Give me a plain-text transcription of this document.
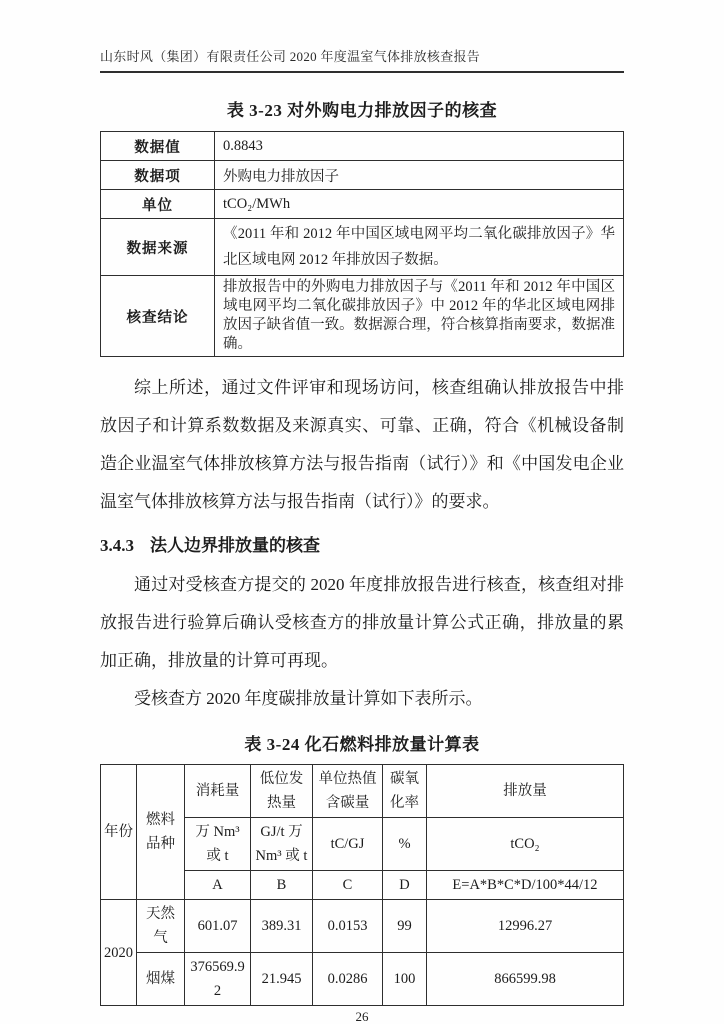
山东时风（集团）有限责任公司 2020 年度温室气体排放核查报告
表 3-23 对外购电力排放因子的核查
数据值	0.8843
数据项	外购电力排放因子
单位	tCO₂/MWh
数据来源	《2011 年和 2012 年中国区域电网平均二氧化碳排放因子》华北区域电网 2012 年排放因子数据。
核查结论	排放报告中的外购电力排放因子与《2011 年和 2012 年中国区域电网平均二氧化碳排放因子》中 2012 年的华北区域电网排放因子缺省值一致。数据源合理，符合核算指南要求，数据准确。

综上所述，通过文件评审和现场访问，核查组确认排放报告中排放因子和计算系数数据及来源真实、可靠、正确，符合《机械设备制造企业温室气体排放核算方法与报告指南（试行）》和《中国发电企业温室气体排放核算方法与报告指南（试行）》的要求。

3.4.3 法人边界排放量的核查

通过对受核查方提交的 2020 年度排放报告进行核查，核查组对排放报告进行验算后确认受核查方的排放量计算公式正确，排放量的累加正确，排放量的计算可再现。

受核查方 2020 年度碳排放量计算如下表所示。

表 3-24 化石燃料排放量计算表
年份	燃料品种	消耗量	低位发热量	单位热值含碳量	碳氧化率	排放量
		万 Nm³ 或 t	GJ/t 万 Nm³ 或 t	tC/GJ	%	tCO₂
		A	B	C	D	E=A*B*C*D/100*44/12
2020	天然气	601.07	389.31	0.0153	99	12996.27
	烟煤	376569.92	21.945	0.0286	100	866599.98
26
